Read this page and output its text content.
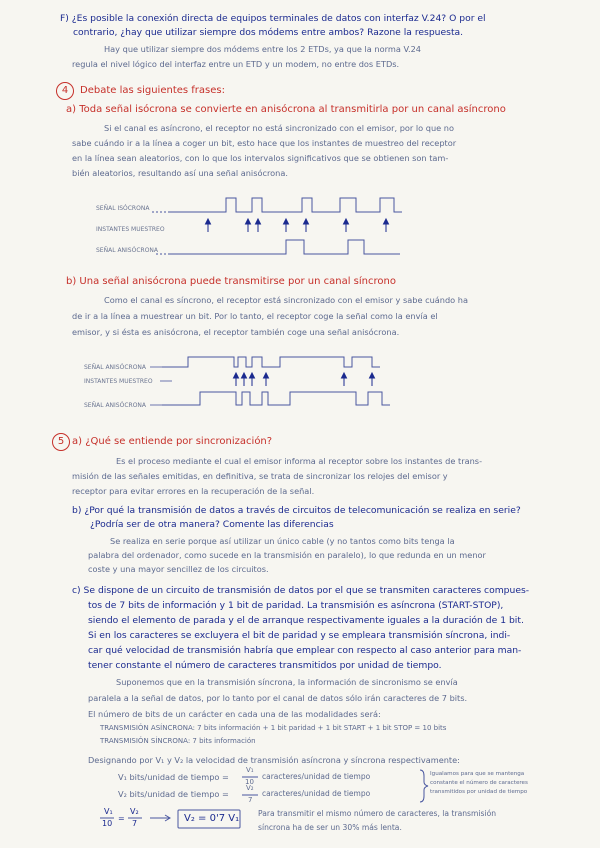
F) ¿Es posible la conexión directa de equipos terminales de datos con interfaz V.24? O por el
contrario, ¿hay que utilizar siempre dos módems entre ambos? Razone la respuesta.
Hay que utilizar siempre dos módems entre los 2 ETDs, ya que la norma V.24
regula el nivel lógico del interfaz entre un ETD y un modem, no entre dos ETDs.
4	Debate las siguientes frases:
a) Toda señal isócrona se convierte en anisócrona al transmitirla por un canal asíncrono
Si el canal es asíncrono, el receptor no está sincronizado con el emisor, por lo que no
sabe cuándo ir a la línea a coger un bit, esto hace que los instantes de muestreo del receptor
en la línea sean aleatorios, con lo que los intervalos significativos que se obtienen son tam-
bién aleatorios, resultando así una señal anisócrona.
SEÑAL ISÓCRONA
INSTANTES MUESTREO
SEÑAL ANISÓCRONA
b) Una señal anisócrona puede transmitirse por un canal síncrono
Como el canal es síncrono, el receptor está sincronizado con el emisor y sabe cuándo ha
de ir a la línea a muestrear un bit. Por lo tanto, el receptor coge la señal como la envía el
emisor, y si ésta es anisócrona, el receptor también coge una señal anisócrona.
SEÑAL ANISÓCRONA
INSTANTES MUESTREO
SEÑAL ANISÓCRONA
5 a) ¿Qué se entiende por sincronización?
Es el proceso mediante el cual el emisor informa al receptor sobre los instantes de trans-
misión de las señales emitidas, en definitiva, se trata de sincronizar los relojes del emisor y
receptor para evitar errores en la recuperación de la señal.
b) ¿Por qué la transmisión de datos a través de circuitos de telecomunicación se realiza en serie?
¿Podría ser de otra manera? Comente las diferencias
Se realiza en serie porque así utilizar un único cable (y no tantos como bits tenga la
palabra del ordenador, como sucede en la transmisión en paralelo), lo que redunda en un menor
coste y una mayor sencillez de los circuitos.
c) Se dispone de un circuito de transmisión de datos por el que se transmiten caracteres compues-
tos de 7 bits de información y 1 bit de paridad. La transmisión es asíncrona (START-STOP),
siendo el elemento de parada y el de arranque respectivamente iguales a la duración de 1 bit.
Si en los caracteres se excluyera el bit de paridad y se empleara transmisión síncrona, indi-
car qué velocidad de transmisión habría que emplear con respecto al caso anterior para man-
tener constante el número de caracteres transmitidos por unidad de tiempo.
Suponemos que en la transmisión síncrona, la información de sincronismo se envía
paralela a la señal de datos, por lo tanto por el canal de datos sólo irán caracteres de 7 bits.
El número de bits de un carácter en cada una de las modalidades será:
TRANSMISIÓN ASÍNCRONA: 7 bits información + 1 bit paridad + 1 bit START + 1 bit STOP = 10 bits
TRANSMISIÓN SÍNCRONA: 7 bits información
Designando por V₁ y V₂ la velocidad de transmisión asíncrona y síncrona respectivamente:
V₁ bits/unidad de tiempo =
V₁
10
caracteres/unidad de tiempo
V₂ bits/unidad de tiempo =
V₂
7
caracteres/unidad de tiempo
Igualamos para que se mantenga
constante el número de caracteres
transmitidos por unidad de tiempo
V₁
10
=
V₂
7	V₂ = 0'7 V₁ Para transmitir el mismo número de caracteres, la transmisión
síncrona ha de ser un 30% más lenta.
